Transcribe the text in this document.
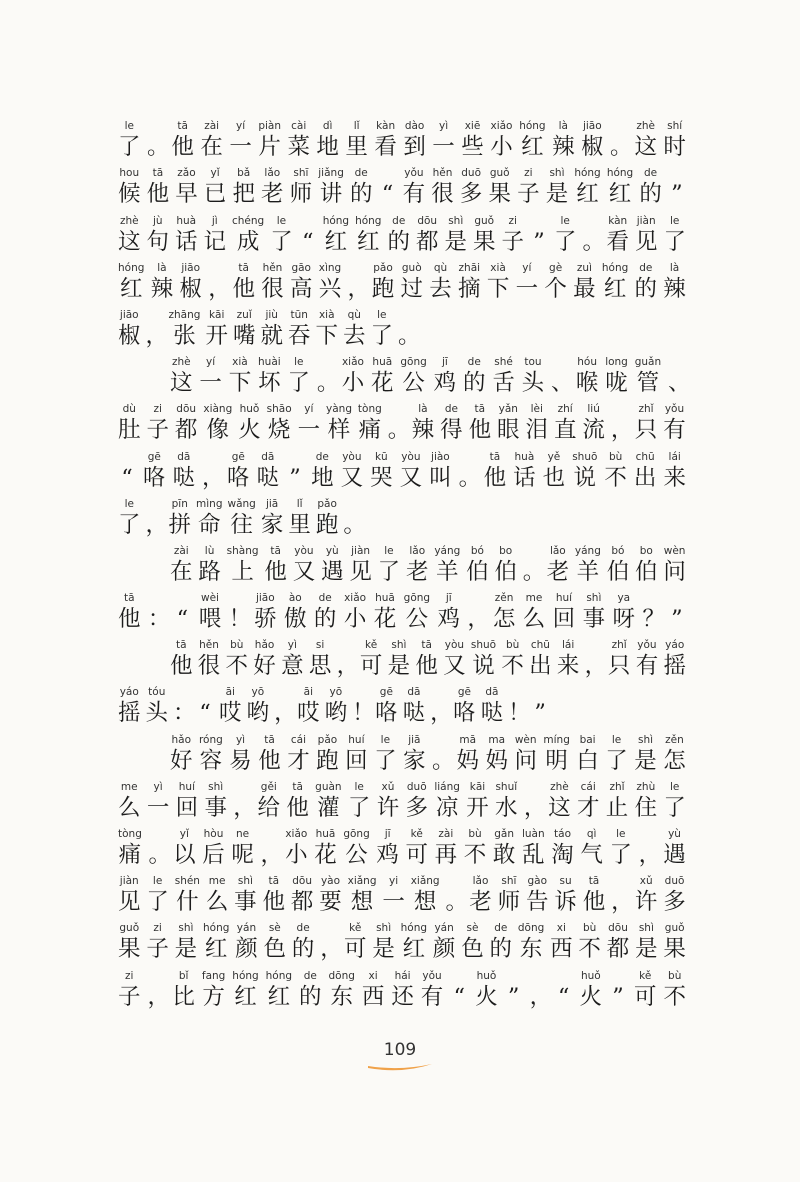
le
了 。
tā
他
zài
在
yí
一
piàn
片
cài
菜
dì
地
lǐ
里
kàn
看
dào
到
yì
一
xiē
些
xiǎo
小
hóng
红
là
辣
jiāo
椒 。
zhè
这
shí
时
hou
候
tā
他
zǎo
早
yǐ
已
bǎ
把
lǎo
老
shī
师
jiǎng
讲
de
的 “
yǒu
有
hěn
很
duō
多
guǒ
果
zi
子
shì
是
hóng
红
hóng
红
de
的 ”
zhè
这
jù
句
huà
话
jì
记
chéng
成
le
了 “
hóng
红
hóng
红
de
的
dōu
都
shì
是
guǒ
果
zi
子 ”
le
了 。
kàn
看
jiàn
见
le
了
hóng
红
là
辣
jiāo
椒 ，
tā
他
hěn
很
gāo
高
xìng
兴 ，
pǎo
跑
guò
过
qù
去
zhāi
摘
xià
下
yí
一
gè
个
zuì
最
hóng
红
de
的
là
辣
jiāo
椒 ，
zhāng
张
kāi
开
zuǐ
嘴
jiù
就
tūn
吞
xià
下
qù
去
le
了 。
zhè
这
yí
一
xià
下
huài
坏
le
了 。
xiǎo
小
huā
花
gōng
公
jī
鸡
de
的
shé
舌
tou
头 、
hóu
喉
long
咙
guǎn
管 、
dù
肚
zi
子
dōu
都
xiàng
像
huǒ
火
shāo
烧
yí
一
yàng
样
tòng
痛 。
là
辣
de
得
tā
他
yǎn
眼
lèi
泪
zhí
直
liú
流 ，
zhǐ
只
yǒu
有
“
gē
咯
dā
哒 ，
gē
咯
dā
哒 ”
de
地
yòu
又
kū
哭
yòu
又
jiào
叫 。
tā
他
huà
话
yě
也
shuō
说
bù
不
chū
出
lái
来
le
了 ，
pīn
拼
mìng
命
wǎng
往
jiā
家
lǐ
里
pǎo
跑 。
zài
在
lù
路
shàng
上
tā
他
yòu
又
yù
遇
jiàn
见
le
了
lǎo
老
yáng
羊
bó
伯
bo
伯 。
lǎo
老
yáng
羊
bó
伯
bo
伯
wèn
问
tā
他 ： “
wèi
喂 ！
jiāo
骄
ào
傲
de
的
xiǎo
小
huā
花
gōng
公
jī
鸡 ，
zěn
怎
me
么
huí
回
shì
事
ya
呀 ？ ”
tā
他
hěn
很
bù
不
hǎo
好
yì
意
si
思 ，
kě
可
shì
是
tā
他
yòu
又
shuō
说
bù
不
chū
出
lái
来 ，
zhǐ
只
yǒu
有
yáo
摇
yáo
摇
tóu
头 ： “
āi
哎
yō
哟 ，
āi
哎
yō
哟 ！
gē
咯
dā
哒 ，
gē
咯
dā
哒 ！ ”
hǎo
好
róng
容
yì
易
tā
他
cái
才
pǎo
跑
huí
回
le
了
jiā
家 。
mā
妈
ma
妈
wèn
问
míng
明
bai
白
le
了
shì
是
zěn
怎
me
么
yì
一
huí
回
shì
事 ，
gěi
给
tā
他
guàn
灌
le
了
xǔ
许
duō
多
liáng
凉
kāi
开
shuǐ
水 ，
zhè
这
cái
才
zhǐ
止
zhù
住
le
了
tòng
痛 。
yǐ
以
hòu
后
ne
呢 ，
xiǎo
小
huā
花
gōng
公
jī
鸡
kě
可
zài
再
bù
不
gǎn
敢
luàn
乱
táo
淘
qì
气
le
了 ，
yù
遇
jiàn
见
le
了
shén
什
me
么
shì
事
tā
他
dōu
都
yào
要
xiǎng
想
yi
一
xiǎng
想 。
lǎo
老
shī
师
gào
告
su
诉
tā
他 ，
xǔ
许
duō
多
guǒ
果
zi
子
shì
是
hóng
红
yán
颜
sè
色
de
的 ，
kě
可
shì
是
hóng
红
yán
颜
sè
色
de
的
dōng
东
xi
西
bù
不
dōu
都
shì
是
guǒ
果
zi
子 ，
bǐ
比
fang
方
hóng
红
hóng
红
de
的
dōng
东
xi
西
hái
还
yǒu
有 “
huǒ
火 ” ， “
huǒ
火 ”
kě
可
bù
不
109
